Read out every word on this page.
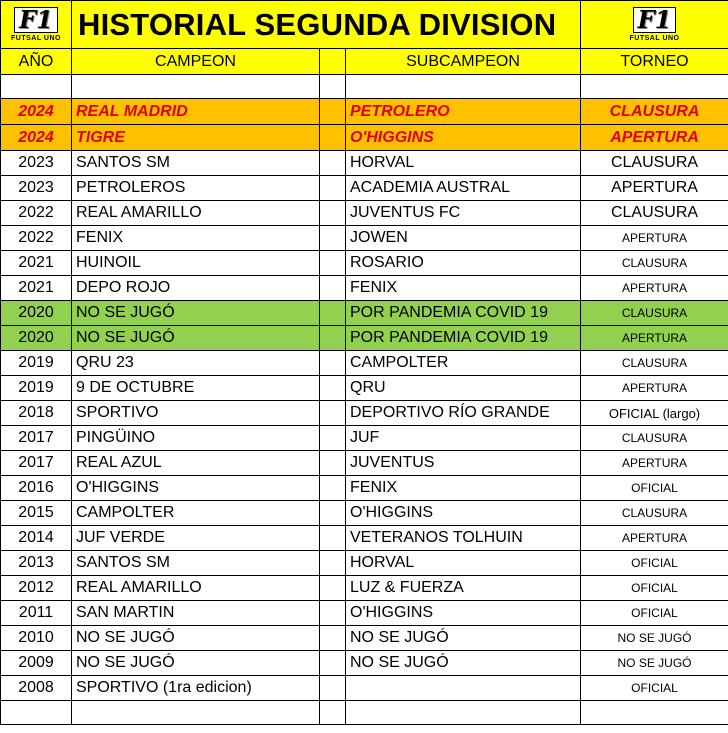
F1
FUTSAL UNO	HISTORIAL SEGUNDA DIVISION			F1
FUTSAL UNO

AÑO	CAMPEON		SUBCAMPEON	TORNEO

2024	REAL MADRID		PETROLERO	CLAUSURA
2024	TIGRE		O'HIGGINS	APERTURA
2023	SANTOS SM		HORVAL	CLAUSURA
2023	PETROLEROS		ACADEMIA AUSTRAL	APERTURA
2022	REAL AMARILLO		JUVENTUS FC	CLAUSURA
2022	FENIX		JOWEN	APERTURA
2021	HUINOIL		ROSARIO	CLAUSURA
2021	DEPO ROJO		FENIX	APERTURA
2020	NO SE JUGÓ		POR PANDEMIA COVID 19	CLAUSURA
2020	NO SE JUGÓ		POR PANDEMIA COVID 19	APERTURA
2019	QRU 23		CAMPOLTER	CLAUSURA
2019	9 DE OCTUBRE		QRU	APERTURA
2018	SPORTIVO		DEPORTIVO RÍO GRANDE	OFICIAL (largo)
2017	PINGÜINO		JUF	CLAUSURA
2017	REAL AZUL		JUVENTUS	APERTURA
2016	O'HIGGINS		FENIX	OFICIAL
2015	CAMPOLTER		O'HIGGINS	CLAUSURA
2014	JUF VERDE		VETERANOS TOLHUIN	APERTURA
2013	SANTOS SM		HORVAL	OFICIAL
2012	REAL AMARILLO		LUZ & FUERZA	OFICIAL
2011	SAN MARTIN		O'HIGGINS	OFICIAL
2010	NO SE JUGÓ		NO SE JUGÓ	NO SE JUGÓ
2009	NO SE JUGÓ		NO SE JUGÓ	NO SE JUGÓ
2008	SPORTIVO (1ra edicion)			OFICIAL
